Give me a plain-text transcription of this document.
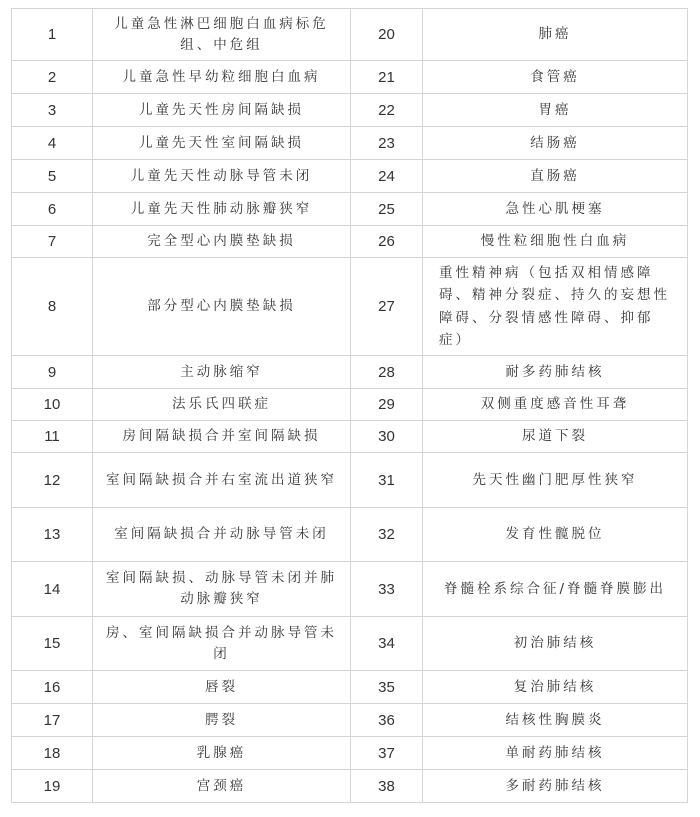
1	儿童急性淋巴细胞白血病标危组、中危组	20	肺癌
2	儿童急性早幼粒细胞白血病	21	食管癌
3	儿童先天性房间隔缺损	22	胃癌
4	儿童先天性室间隔缺损	23	结肠癌
5	儿童先天性动脉导管未闭	24	直肠癌
6	儿童先天性肺动脉瓣狭窄	25	急性心肌梗塞
7	完全型心内膜垫缺损	26	慢性粒细胞性白血病
8	部分型心内膜垫缺损	27	重性精神病（包括双相情感障碍、精神分裂症、持久的妄想性障碍、分裂情感性障碍、抑郁症）
9	主动脉缩窄	28	耐多药肺结核
10	法乐氏四联症	29	双侧重度感音性耳聋
11	房间隔缺损合并室间隔缺损	30	尿道下裂
12	室间隔缺损合并右室流出道狭窄	31	先天性幽门肥厚性狭窄
13	室间隔缺损合并动脉导管未闭	32	发育性髋脱位
14	室间隔缺损、动脉导管未闭并肺动脉瓣狭窄	33	脊髓栓系综合征/脊髓脊膜膨出
15	房、室间隔缺损合并动脉导管未闭	34	初治肺结核
16	唇裂	35	复治肺结核
17	腭裂	36	结核性胸膜炎
18	乳腺癌	37	单耐药肺结核
19	宫颈癌	38	多耐药肺结核
